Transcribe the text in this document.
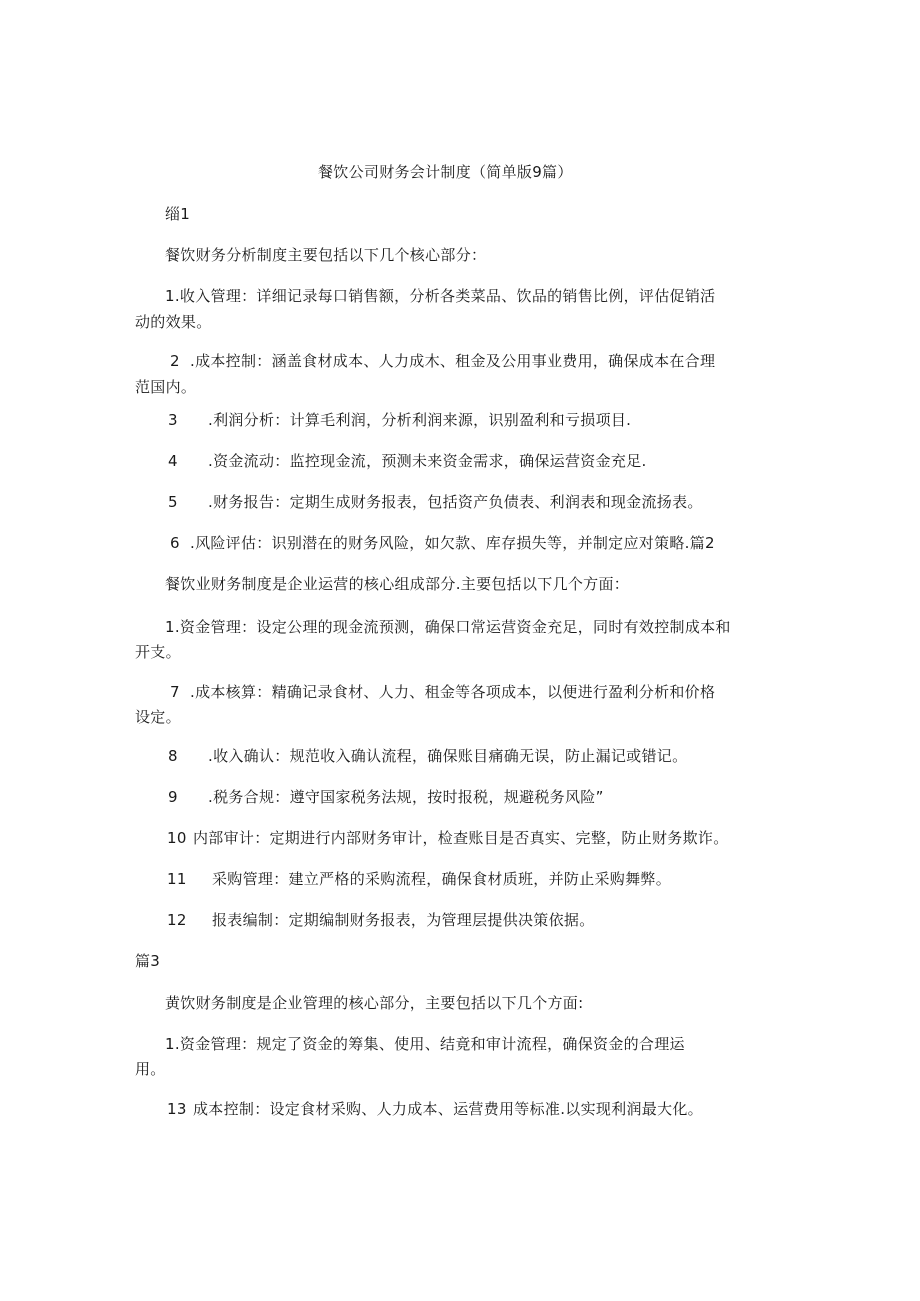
餐饮公司财务会计制度（简单版9篇）
缁1
餐饮财务分析制度主要包括以下几个核心部分：
1.收入管理：详细记录每口销售额，分析各类菜品、饮品的销售比例，评估促销活
动的效果。
2 .成本控制：涵盖食材成本、人力成木、租金及公用事业费用，确保成本在合理
范国内。
3 .利润分析：计算毛利润，分析利润来源，识别盈利和亏损项目.
4 .资金流动：监控现金流，预测未来资金需求，确保运营资金充足.
5 .财务报告：定期生成财务报表，包括资产负债表、利润表和现金流扬表。
6 .风险评估：识别潜在的财务风险，如欠款、库存损失等，并制定应对策略.篇2
餐饮业财务制度是企业运营的核心组成部分.主要包括以下几个方面：
1.资金管理：设定公理的现金流预测，确保口常运营资金充足，同时有效控制成本和
开支。
7 .成本核算：精确记录食材、人力、租金等各项成本，以便进行盈利分析和价格
设定。
8 .收入确认：规范收入确认流程，确保账目痛确无误，防止漏记或错记。
9 .税务合规：遵守国家税务法规，按时报税，规避税务风险”
10 内部审计：定期进行内部财务审计，检查账目是否真实、完整，防止财务欺诈。
11 采购管理：建立严格的采购流程，确保食材质班，并防止采购舞弊。
12 报表编制：定期编制财务报表，为管理层提供决策依据。
篇3
黄饮财务制度是企业管理的核心部分，主要包括以下几个方面:
1.资金管理：规定了资金的筹集、使用、结竟和审计流程，确保资金的合理运
用。
13 成本控制：设定食材采购、人力成本、运营费用等标准.以实现利润最大化。
